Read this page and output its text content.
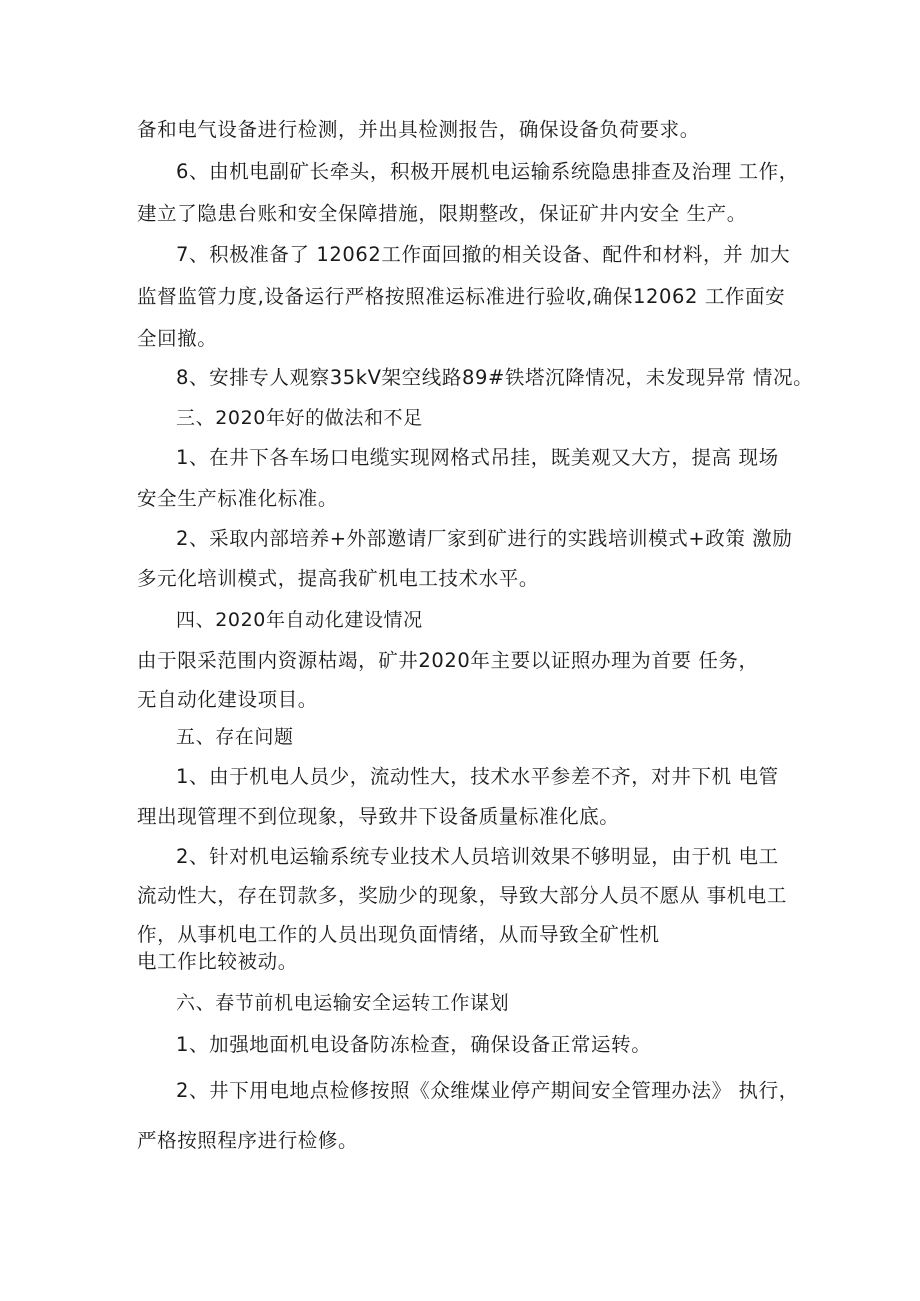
备和电气设备进行检测，并出具检测报告，确保设备负荷要求。

6、由机电副矿长牵头，积极开展机电运输系统隐患排查及治理 工作，

建立了隐患台账和安全保障措施，限期整改，保证矿井内安全 生产。

7、积极准备了 12062工作面回撤的相关设备、配件和材料，并 加大

监督监管力度,设备运行严格按照准运标准进行验收,确保12062 工作面安

全回撤。

8、安排专人观察35kV架空线路89#铁塔沉降情况，未发现异常 情况。

三、2020年好的做法和不足

1、在井下各车场口电缆实现网格式吊挂，既美观又大方，提高 现场

安全生产标准化标准。

2、采取内部培养+外部邀请厂家到矿进行的实践培训模式+政策 激励

多元化培训模式，提高我矿机电工技术水平。

四、2020年自动化建设情况

由于限采范围内资源枯竭，矿井2020年主要以证照办理为首要 任务，

无自动化建设项目。

五、存在问题

1、由于机电人员少，流动性大，技术水平参差不齐，对井下机 电管

理出现管理不到位现象，导致井下设备质量标准化底。

2、针对机电运输系统专业技术人员培训效果不够明显，由于机 电工

流动性大，存在罚款多，奖励少的现象，导致大部分人员不愿从 事机电工

作，从事机电工作的人员出现负面情绪，从而导致全矿性机

电工作比较被动。

六、春节前机电运输安全运转工作谋划

1、加强地面机电设备防冻检查，确保设备正常运转。

2、井下用电地点检修按照《众维煤业停产期间安全管理办法》 执行，

严格按照程序进行检修。
